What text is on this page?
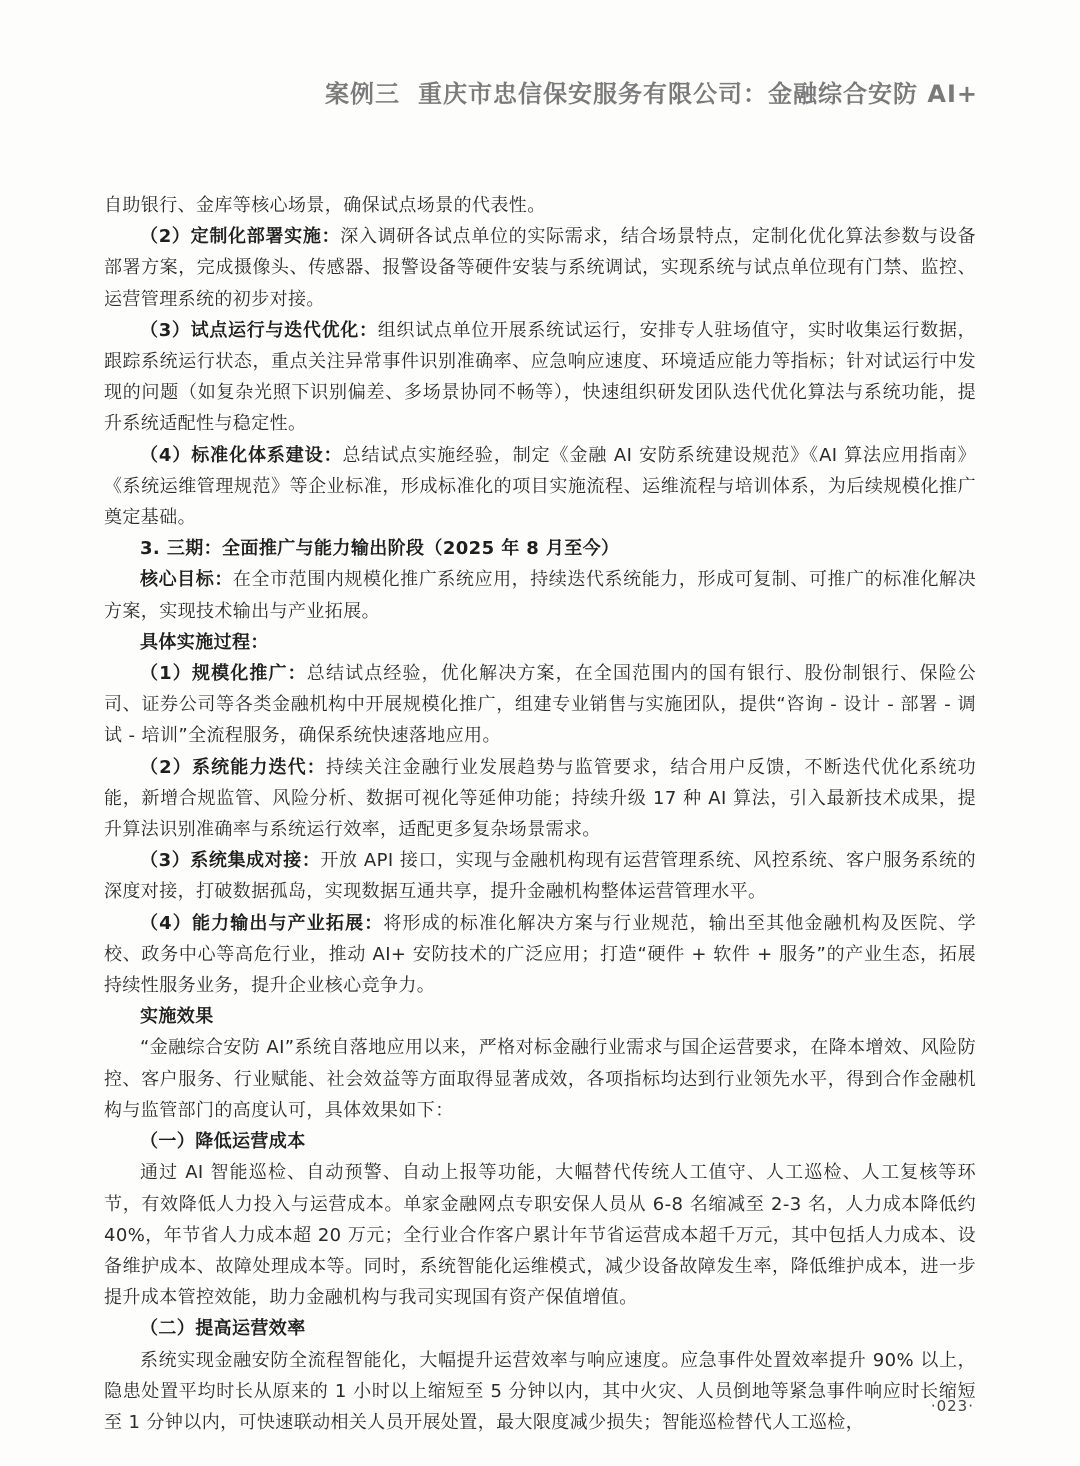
案例三 重庆市忠信保安服务有限公司：金融综合安防 AI+

自助银行、金库等核心场景，确保试点场景的代表性。

（2）定制化部署实施：深入调研各试点单位的实际需求，结合场景特点，定制化优化算法参数与设备部署方案，完成摄像头、传感器、报警设备等硬件安装与系统调试，实现系统与试点单位现有门禁、监控、运营管理系统的初步对接。

（3）试点运行与迭代优化：组织试点单位开展系统试运行，安排专人驻场值守，实时收集运行数据，跟踪系统运行状态，重点关注异常事件识别准确率、应急响应速度、环境适应能力等指标；针对试运行中发现的问题（如复杂光照下识别偏差、多场景协同不畅等），快速组织研发团队迭代优化算法与系统功能，提升系统适配性与稳定性。

（4）标准化体系建设：总结试点实施经验，制定《金融 AI 安防系统建设规范》《AI 算法应用指南》《系统运维管理规范》等企业标准，形成标准化的项目实施流程、运维流程与培训体系，为后续规模化推广奠定基础。

3. 三期：全面推广与能力输出阶段（2025 年 8 月至今）

核心目标：在全市范围内规模化推广系统应用，持续迭代系统能力，形成可复制、可推广的标准化解决方案，实现技术输出与产业拓展。

具体实施过程：

（1）规模化推广：总结试点经验，优化解决方案，在全国范围内的国有银行、股份制银行、保险公司、证券公司等各类金融机构中开展规模化推广，组建专业销售与实施团队，提供“咨询 - 设计 - 部署 - 调试 - 培训”全流程服务，确保系统快速落地应用。

（2）系统能力迭代：持续关注金融行业发展趋势与监管要求，结合用户反馈，不断迭代优化系统功能，新增合规监管、风险分析、数据可视化等延伸功能；持续升级 17 种 AI 算法，引入最新技术成果，提升算法识别准确率与系统运行效率，适配更多复杂场景需求。

（3）系统集成对接：开放 API 接口，实现与金融机构现有运营管理系统、风控系统、客户服务系统的深度对接，打破数据孤岛，实现数据互通共享，提升金融机构整体运营管理水平。

（4）能力输出与产业拓展：将形成的标准化解决方案与行业规范，输出至其他金融机构及医院、学校、政务中心等高危行业，推动 AI+ 安防技术的广泛应用；打造“硬件 + 软件 + 服务”的产业生态，拓展持续性服务业务，提升企业核心竞争力。

实施效果

“金融综合安防 AI”系统自落地应用以来，严格对标金融行业需求与国企运营要求，在降本增效、风险防控、客户服务、行业赋能、社会效益等方面取得显著成效，各项指标均达到行业领先水平，得到合作金融机构与监管部门的高度认可，具体效果如下：

（一）降低运营成本

通过 AI 智能巡检、自动预警、自动上报等功能，大幅替代传统人工值守、人工巡检、人工复核等环节，有效降低人力投入与运营成本。单家金融网点专职安保人员从 6-8 名缩减至 2-3 名，人力成本降低约 40%，年节省人力成本超 20 万元；全行业合作客户累计年节省运营成本超千万元，其中包括人力成本、设备维护成本、故障处理成本等。同时，系统智能化运维模式，减少设备故障发生率，降低维护成本，进一步提升成本管控效能，助力金融机构与我司实现国有资产保值增值。

（二）提高运营效率

系统实现金融安防全流程智能化，大幅提升运营效率与响应速度。应急事件处置效率提升 90% 以上，隐患处置平均时长从原来的 1 小时以上缩短至 5 分钟以内，其中火灾、人员倒地等紧急事件响应时长缩短至 1 分钟以内，可快速联动相关人员开展处置，最大限度减少损失；智能巡检替代人工巡检，

·023·
